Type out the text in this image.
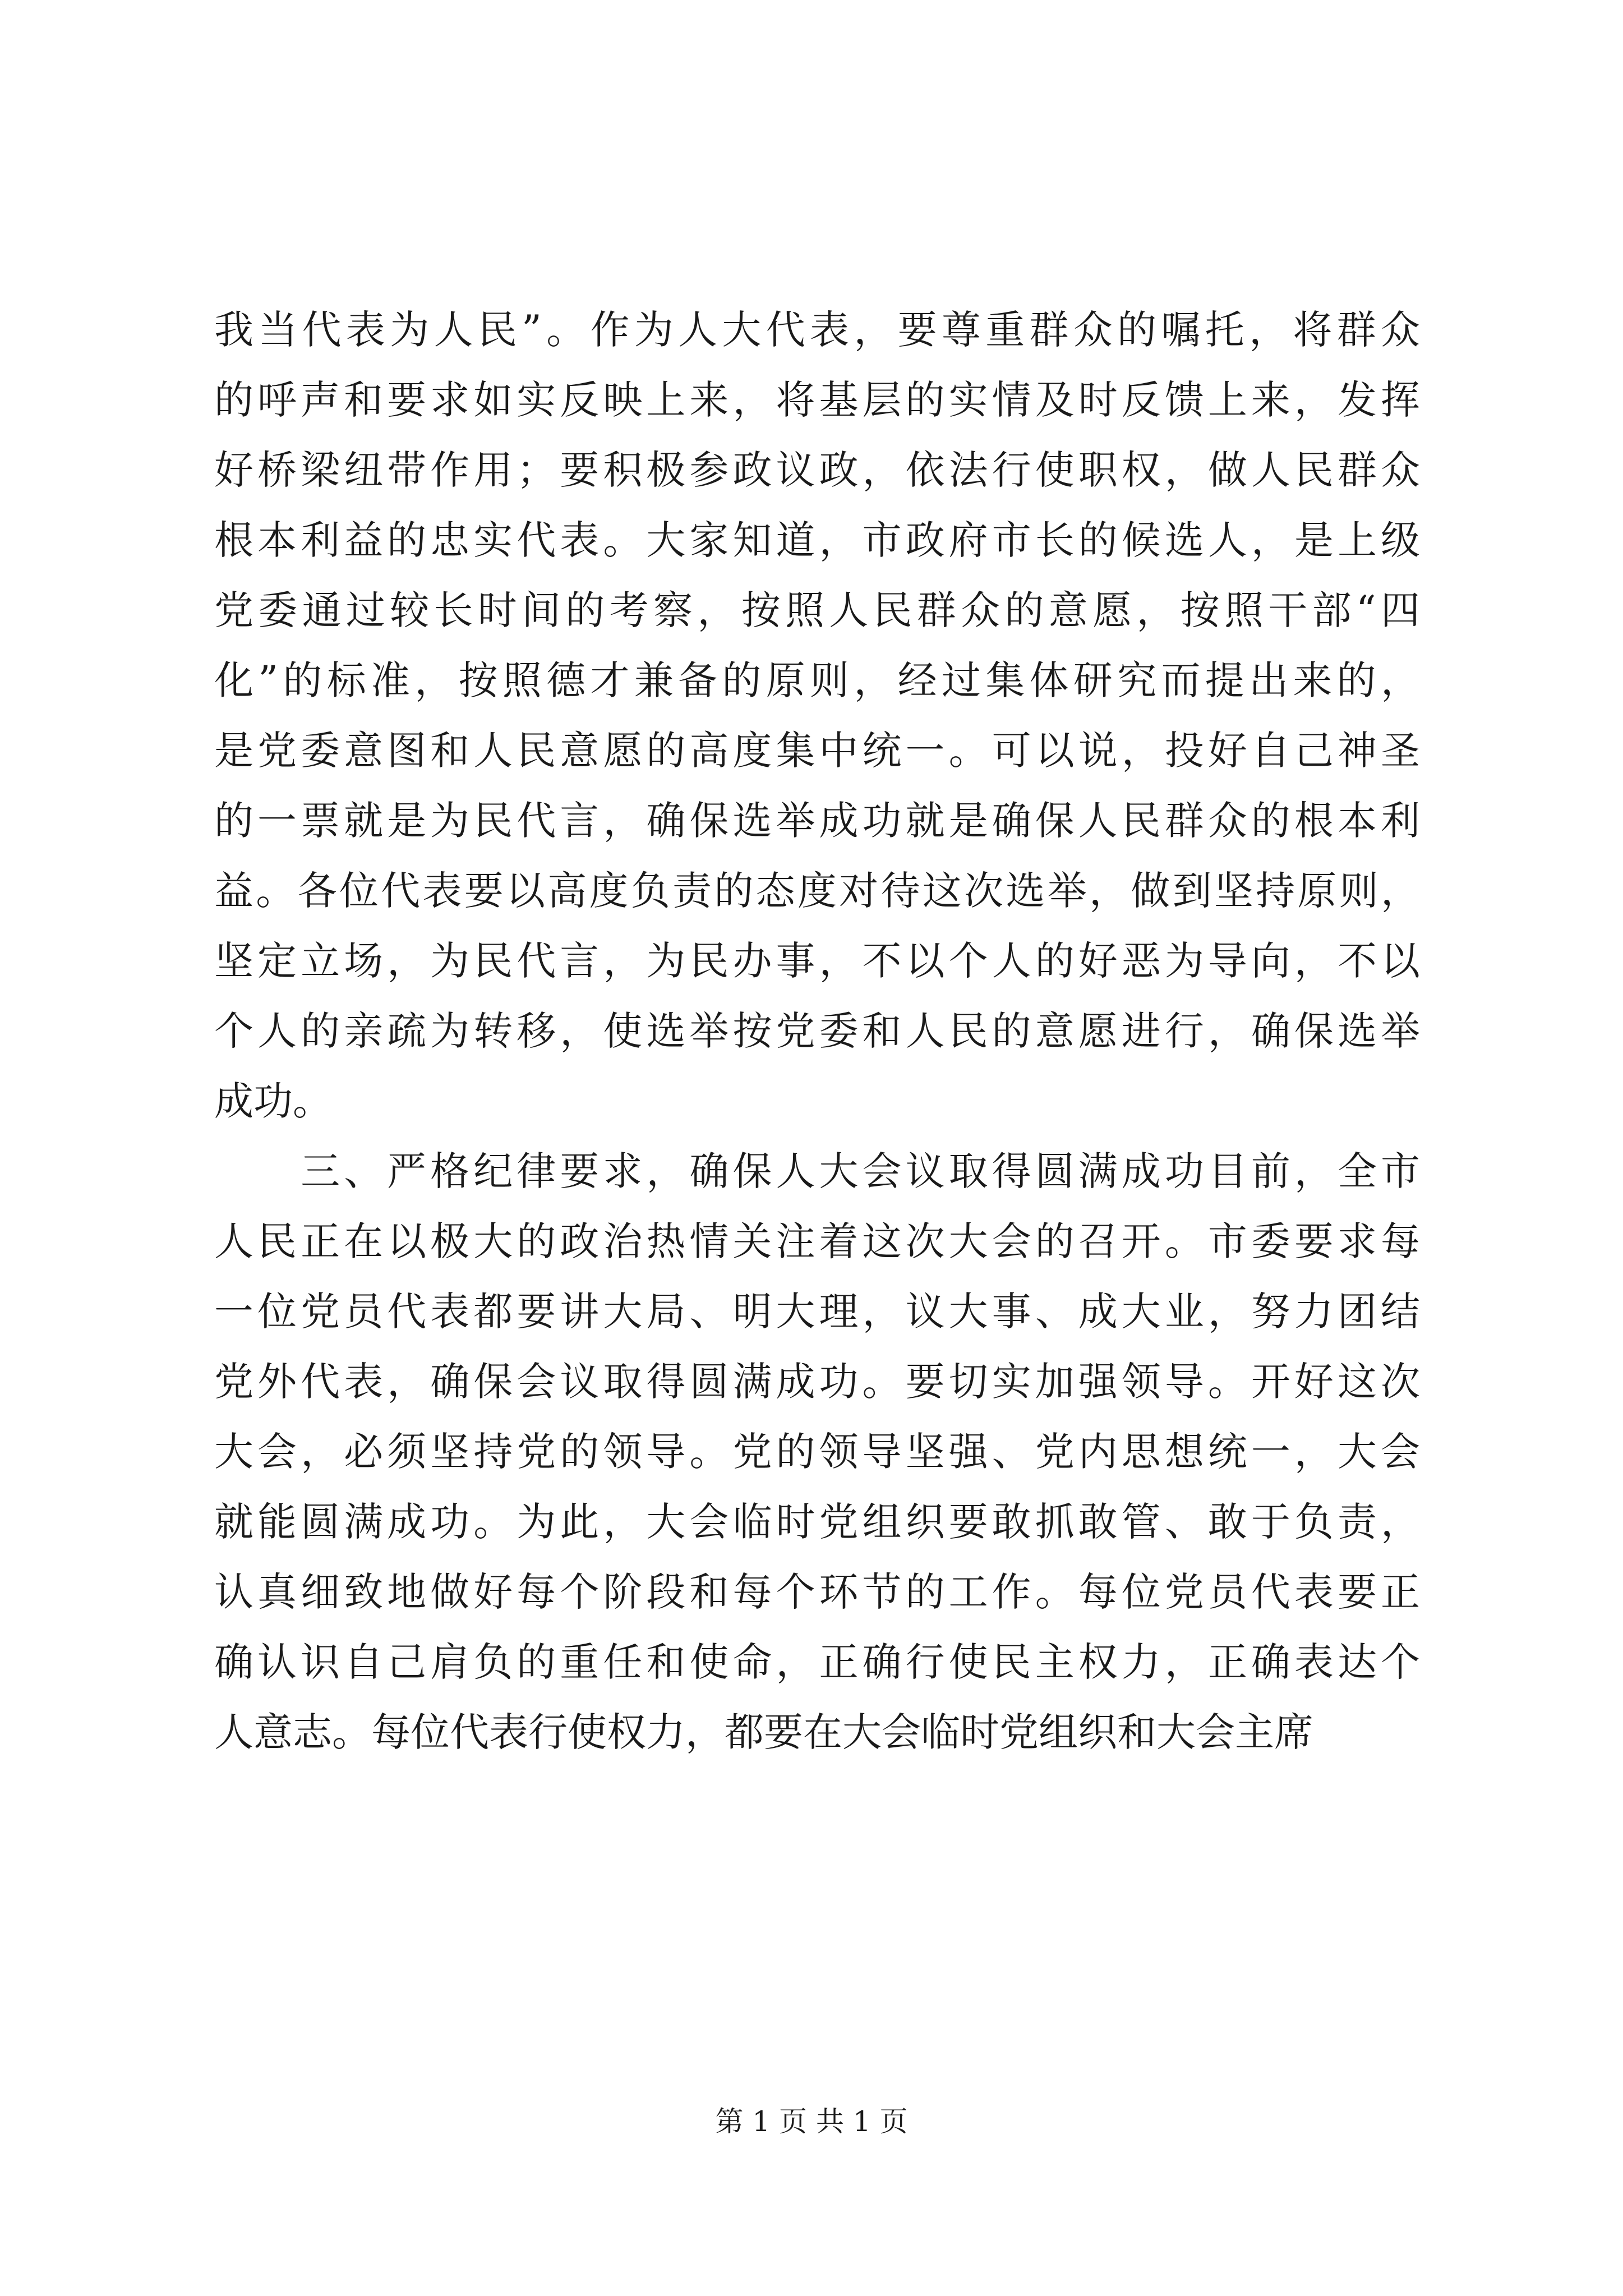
我当代表为人民”。作为人大代表，要尊重群众的嘱托，将群众
的呼声和要求如实反映上来，将基层的实情及时反馈上来，发挥
好桥梁纽带作用；要积极参政议政，依法行使职权，做人民群众
根本利益的忠实代表。大家知道，市政府市长的候选人，是上级
党委通过较长时间的考察，按照人民群众的意愿，按照干部“四
化”的标准，按照德才兼备的原则，经过集体研究而提出来的，
是党委意图和人民意愿的高度集中统一。可以说，投好自己神圣
的一票就是为民代言，确保选举成功就是确保人民群众的根本利
益。各位代表要以高度负责的态度对待这次选举，做到坚持原则，
坚定立场，为民代言，为民办事，不以个人的好恶为导向，不以
个人的亲疏为转移，使选举按党委和人民的意愿进行，确保选举
成功。
　　三、严格纪律要求，确保人大会议取得圆满成功目前，全市
人民正在以极大的政治热情关注着这次大会的召开。市委要求每
一位党员代表都要讲大局、明大理，议大事、成大业，努力团结
党外代表，确保会议取得圆满成功。要切实加强领导。开好这次
大会，必须坚持党的领导。党的领导坚强、党内思想统一，大会
就能圆满成功。为此，大会临时党组织要敢抓敢管、敢于负责，
认真细致地做好每个阶段和每个环节的工作。每位党员代表要正
确认识自己肩负的重任和使命，正确行使民主权力，正确表达个
人意志。每位代表行使权力，都要在大会临时党组织和大会主席
第 1 页 共 1 页
